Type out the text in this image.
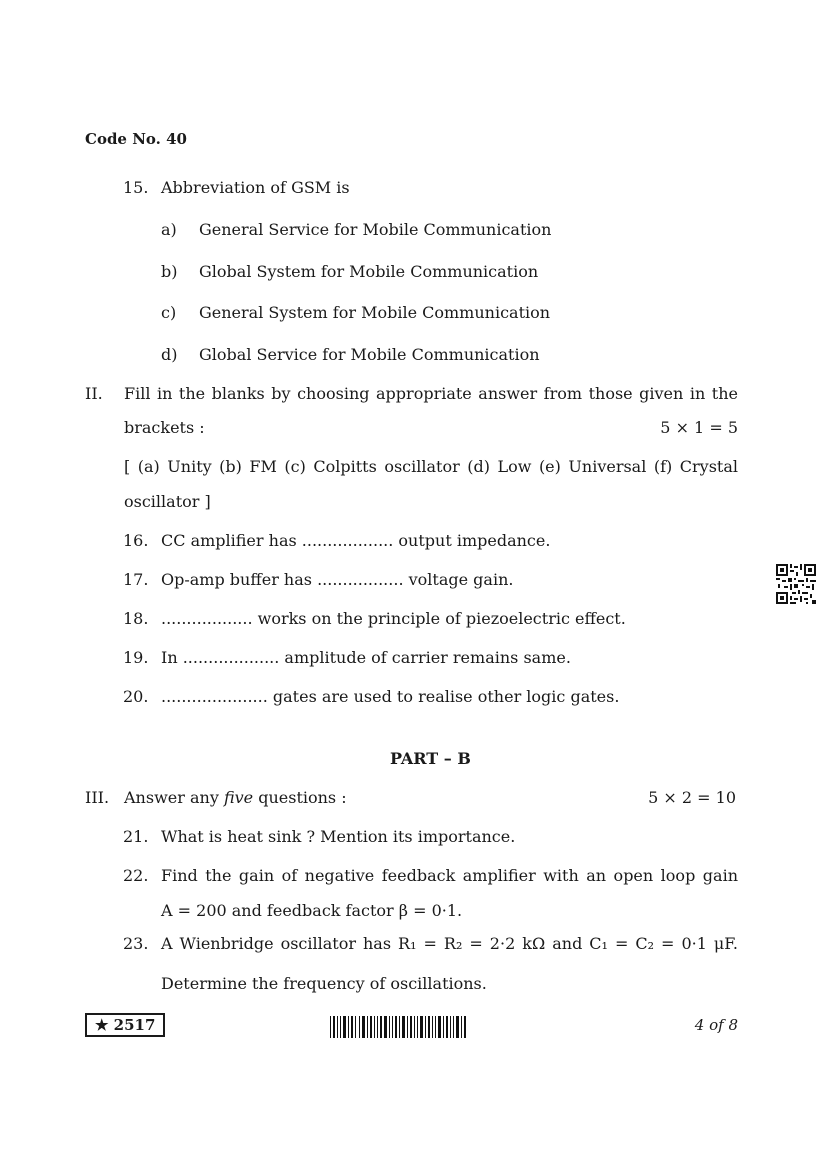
Code No. 40
15. Abbreviation of GSM is
a) General Service for Mobile Communication
b) Global System for Mobile Communication
c) General System for Mobile Communication
d) Global Service for Mobile Communication
II. Fill in the blanks by choosing appropriate answer from those given in the
brackets :	5 × 1 = 5
[ (a) Unity (b) FM (c) Colpitts oscillator (d) Low (e) Universal (f) Crystal
oscillator ]
16. CC amplifier has .................. output impedance.
17. Op-amp buffer has ................. voltage gain.
18. .................. works on the principle of piezoelectric effect.
19. In ................... amplitude of carrier remains same.
20. ..................... gates are used to realise other logic gates.
PART – B
III. Answer any five questions :	5 × 2 = 10
21. What is heat sink ? Mention its importance.
22. Find the gain of negative feedback amplifier with an open loop gain
A = 200 and feedback factor β = 0·1.
23. A Wienbridge oscillator has R₁ = R₂ = 2·2 kΩ and C₁ = C₂ = 0·1 μF.
Determine the frequency of oscillations.
★ 2517	4 of 8
